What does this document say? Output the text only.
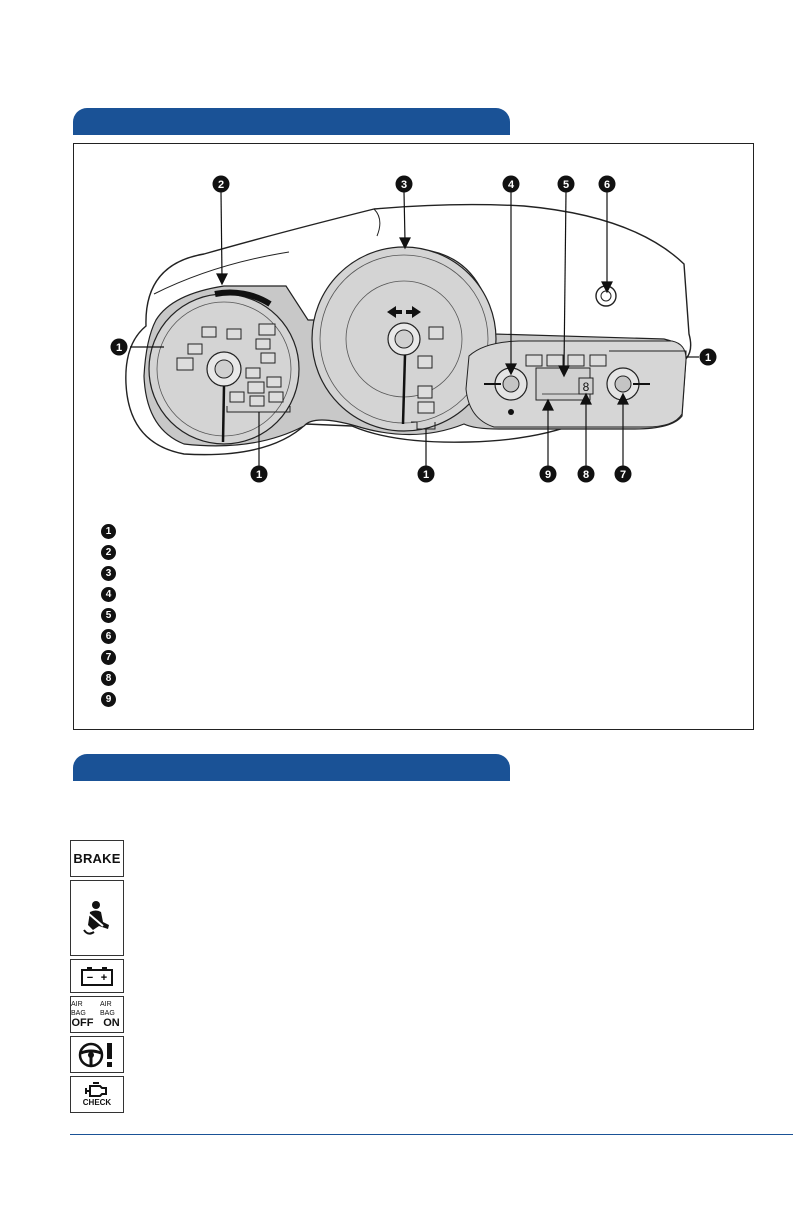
8
1
2	3	4	5	6
7
8
9
1	1
1
1
2
3
4
5
6
7
8
9
BRAKE
− +
AIR BAG
OFF
AIR BAG
ON
CHECK
